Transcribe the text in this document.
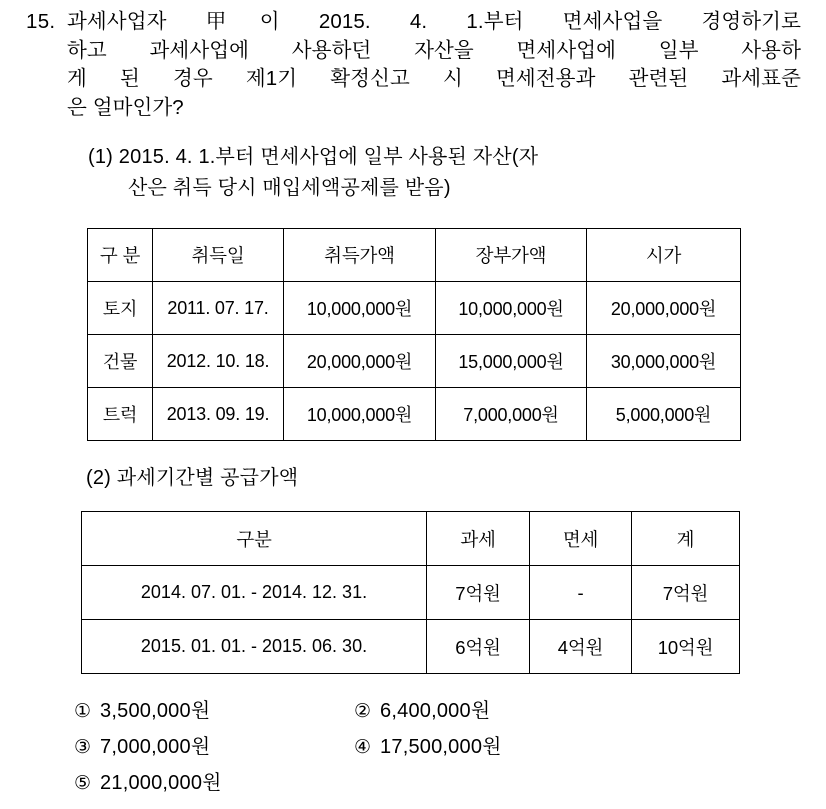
15. 과세사업자 甲이 2015. 4. 1.부터 면세사업을 경영하기로
하고 과세사업에 사용하던 자산을 면세사업에 일부 사용하
게 된 경우 제1기 확정신고 시 면세전용과 관련된 과세표준
은 얼마인가?
(1) 2015. 4. 1.부터 면세사업에 일부 사용된 자산(자
산은 취득 당시 매입세액공제를 받음)
구 분	취득일	취득가액	장부가액	시가
토지	2011. 07. 17.	10,000,000원	10,000,000원	20,000,000원
건물	2012. 10. 18.	20,000,000원	15,000,000원	30,000,000원
트럭	2013. 09. 19.	10,000,000원	7,000,000원	5,000,000원
(2) 과세기간별 공급가액
구분	과세	면세	계
2014. 07. 01. - 2014. 12. 31.	7억원	-	7억원
2015. 01. 01. - 2015. 06. 30.	6억원	4억원	10억원
① 3,500,000원	② 6,400,000원
③ 7,000,000원	④ 17,500,000원
⑤ 21,000,000원
